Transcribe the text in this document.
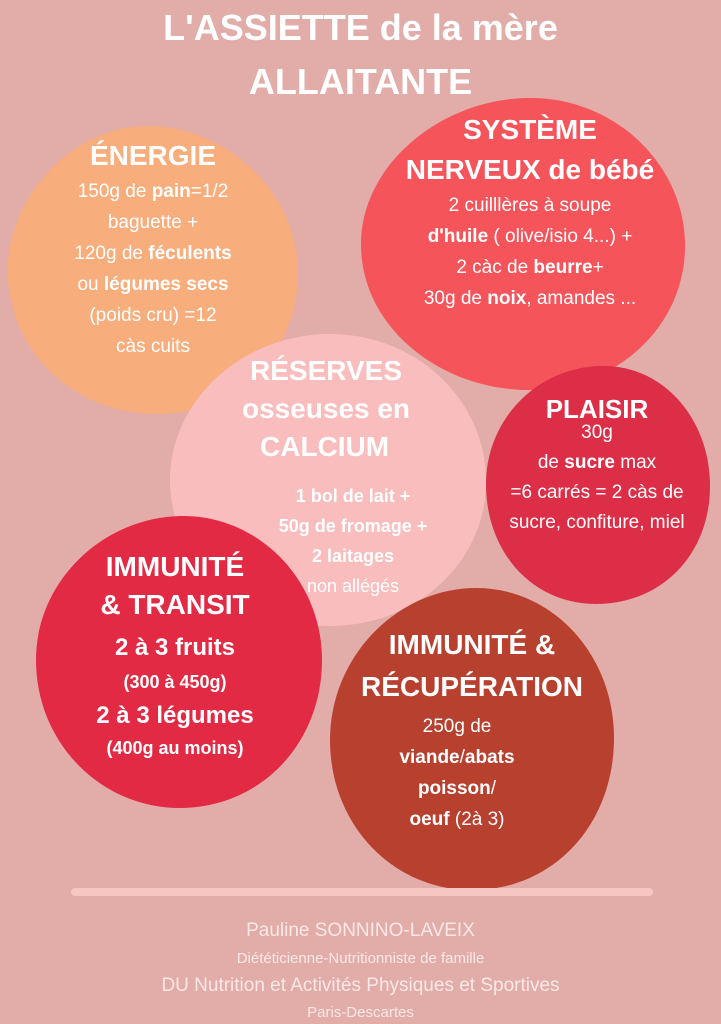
L'ASSIETTE de la mère
ALLAITANTE
ÉNERGIE
150g de pain=1/2
baguette +
120g de féculents
ou légumes secs
(poids cru) =12
càs cuits
SYSTÈME
NERVEUX de bébé
2 cuilllères à soupe
d'huile ( olive/isio 4...) +
2 càc de beurre+
30g de noix, amandes ...
RÉSERVES
osseuses en
CALCIUM
1 bol de lait +
50g de fromage +
2 laitages
non allégés
PLAISIR
30g
de sucre max
=6 carrés = 2 càs de
sucre, confiture, miel
IMMUNITÉ
& TRANSIT
2 à 3 fruits
(300 à 450g)
2 à 3 légumes
(400g au moins)
IMMUNITÉ &
RÉCUPÉRATION
250g de
viande/abats
poisson/
oeuf (2à 3)
Pauline SONNINO-LAVEIX
Diététicienne-Nutritionniste de famille
DU Nutrition et Activités Physiques et Sportives
Paris-Descartes
